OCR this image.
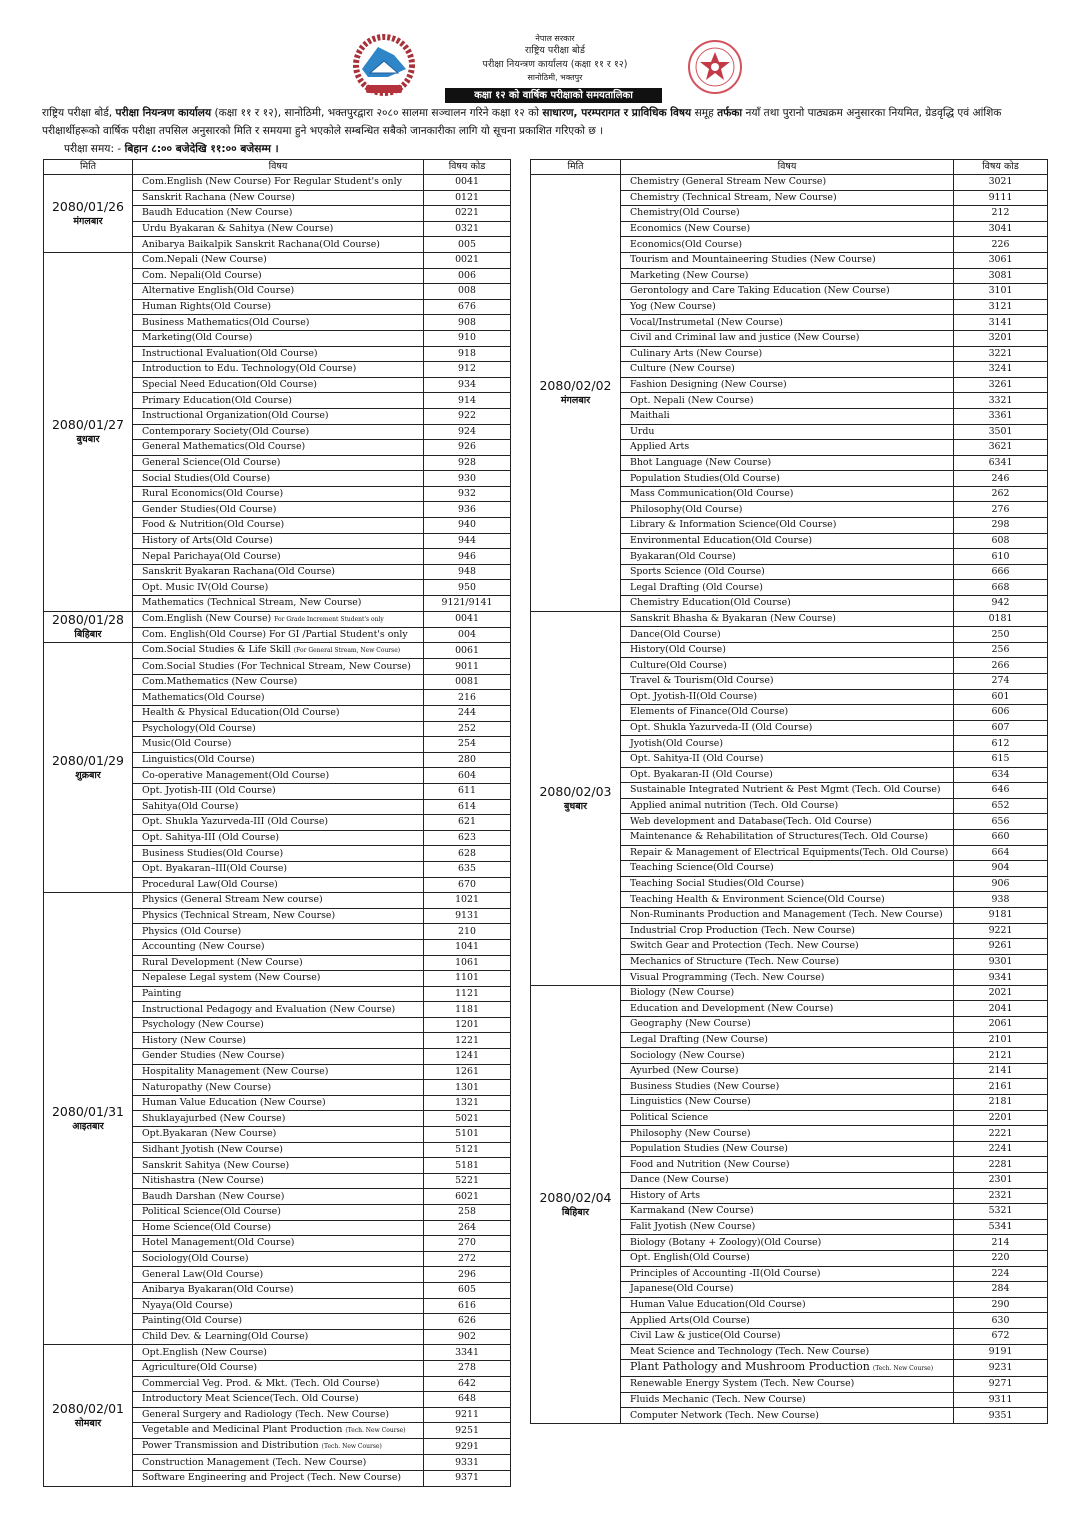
नेपाल सरकार
राष्ट्रिय परीक्षा बोर्ड
परीक्षा नियन्त्रण कार्यालय (कक्षा ११ र १२)
सानोठिमी, भक्तपुर
कक्षा १२ को वार्षिक परीक्षाको समयतालिका
राष्ट्रिय परीक्षा बोर्ड, परीक्षा नियन्त्रण कार्यालय (कक्षा ११ र १२), सानोठिमी, भक्तपुरद्वारा २०८० सालमा सञ्चालन गरिने कक्षा १२ को साधारण, परम्परागत र प्राविधिक विषय समूह तर्फका नयाँ तथा पुरानो पाठ्यक्रम अनुसारका नियमित, ग्रेडवृद्धि एवं आंशिक परीक्षार्थीहरूको वार्षिक परीक्षा तपसिल अनुसारको मिति र समयमा हुने भएकोले सम्बन्धित सबैको जानकारीका लागि यो सूचना प्रकाशित गरिएको छ ।
परीक्षा समय: - बिहान ८:०० बजेदेखि ११:०० बजेसम्म ।
मिति	विषय	विषय कोड

2080/01/26
मंगलबार	Com.English (New Course) For Regular Student's only	0041
	Sanskrit Rachana (New Course)	0121
	Baudh Education (New Course)	0221
	Urdu Byakaran & Sahitya (New Course)	0321
	Anibarya Baikalpik Sanskrit Rachana(Old Course)	005

2080/01/27
बुधबार	Com.Nepali (New Course)	0021
	Com. Nepali(Old Course)	006
	Alternative English(Old Course)	008
	Human Rights(Old Course)	676
	Business Mathematics(Old Course)	908
	Marketing(Old Course)	910
	Instructional Evaluation(Old Course)	918
	Introduction to Edu. Technology(Old Course)	912
	Special Need Education(Old Course)	934
	Primary Education(Old Course)	914
	Instructional Organization(Old Course)	922
	Contemporary Society(Old Course)	924
	General Mathematics(Old Course)	926
	General Science(Old Course)	928
	Social Studies(Old Course)	930
	Rural Economics(Old Course)	932
	Gender Studies(Old Course)	936
	Food & Nutrition(Old Course)	940
	History of Arts(Old Course)	944
	Nepal Parichaya(Old Course)	946
	Sanskrit Byakaran Rachana(Old Course)	948
	Opt. Music IV(Old Course)	950
	Mathematics (Technical Stream, New Course)	9121/9141

2080/01/28
बिहिबार	Com.English (New Course) For Grade Increment Student's only	0041
	Com. English(Old Course) For GI /Partial Student's only	004

2080/01/29
शुक्रबार	Com.Social Studies & Life Skill (For General Stream, New Course)	0061
	Com.Social Studies (For Technical Stream, New Course)	9011
	Com.Mathematics (New Course)	0081
	Mathematics(Old Course)	216
	Health & Physical Education(Old Course)	244
	Psychology(Old Course)	252
	Music(Old Course)	254
	Linguistics(Old Course)	280
	Co-operative Management(Old Course)	604
	Opt. Jyotish-III (Old Course)	611
	Sahitya(Old Course)	614
	Opt. Shukla Yazurveda-III (Old Course)	621
	Opt. Sahitya-III (Old Course)	623
	Business Studies(Old Course)	628
	Opt. Byakaran–III(Old Course)	635
	Procedural Law(Old Course)	670

2080/01/31
आइतबार	Physics (General Stream New course)	1021
	Physics (Technical Stream, New Course)	9131
	Physics (Old Course)	210
	Accounting (New Course)	1041
	Rural Development (New Course)	1061
	Nepalese Legal system (New Course)	1101
	Painting	1121
	Instructional Pedagogy and Evaluation (New Course)	1181
	Psychology (New Course)	1201
	History (New Course)	1221
	Gender Studies (New Course)	1241
	Hospitality Management (New Course)	1261
	Naturopathy (New Course)	1301
	Human Value Education (New Course)	1321
	Shuklayajurbed (New Course)	5021
	Opt.Byakaran (New Course)	5101
	Sidhant Jyotish (New Course)	5121
	Sanskrit Sahitya (New Course)	5181
	Nitishastra (New Course)	5221
	Baudh Darshan (New Course)	6021
	Political Science(Old Course)	258
	Home Science(Old Course)	264
	Hotel Management(Old Course)	270
	Sociology(Old Course)	272
	General Law(Old Course)	296
	Anibarya Byakaran(Old Course)	605
	Nyaya(Old Course)	616
	Painting(Old Course)	626
	Child Dev. & Learning(Old Course)	902

2080/02/01
सोमबार	Opt.English (New Course)	3341
	Agriculture(Old Course)	278
	Commercial Veg. Prod. & Mkt. (Tech. Old Course)	642
	Introductory Meat Science(Tech. Old Course)	648
	General Surgery and Radiology (Tech. New Course)	9211
	Vegetable and Medicinal Plant Production (Tech. New Course)	9251
	Power Transmission and Distribution (Tech. New Course)	9291
	Construction Management (Tech. New Course)	9331
	Software Engineering and Project (Tech. New Course)	9371
मिति	विषय	विषय कोड

2080/02/02
मंगलबार	Chemistry (General Stream New Course)	3021
	Chemistry (Technical Stream, New Course)	9111
	Chemistry(Old Course)	212
	Economics (New Course)	3041
	Economics(Old Course)	226
	Tourism and Mountaineering Studies (New Course)	3061
	Marketing (New Course)	3081
	Gerontology and Care Taking Education (New Course)	3101
	Yog (New Course)	3121
	Vocal/Instrumetal (New Course)	3141
	Civil and Criminal law and justice (New Course)	3201
	Culinary Arts (New Course)	3221
	Culture (New Course)	3241
	Fashion Designing (New Course)	3261
	Opt. Nepali (New Course)	3321
	Maithali	3361
	Urdu	3501
	Applied Arts	3621
	Bhot Language (New Course)	6341
	Population Studies(Old Course)	246
	Mass Communication(Old Course)	262
	Philosophy(Old Course)	276
	Library & Information Science(Old Course)	298
	Environmental Education(Old Course)	608
	Byakaran(Old Course)	610
	Sports Science (Old Course)	666
	Legal Drafting (Old Course)	668
	Chemistry Education(Old Course)	942

2080/02/03
बुधबार	Sanskrit Bhasha & Byakaran (New Course)	0181
	Dance(Old Course)	250
	History(Old Course)	256
	Culture(Old Course)	266
	Travel & Tourism(Old Course)	274
	Opt. Jyotish-II(Old Course)	601
	Elements of Finance(Old Course)	606
	Opt. Shukla Yazurveda-II (Old Course)	607
	Jyotish(Old Course)	612
	Opt. Sahitya-II (Old Course)	615
	Opt. Byakaran-II (Old Course)	634
	Sustainable Integrated Nutrient & Pest Mgmt (Tech. Old Course)	646
	Applied animal nutrition (Tech. Old Course)	652
	Web development and Database(Tech. Old Course)	656
	Maintenance & Rehabilitation of Structures(Tech. Old Course)	660
	Repair & Management of Electrical Equipments(Tech. Old Course)	664
	Teaching Science(Old Course)	904
	Teaching Social Studies(Old Course)	906
	Teaching Health & Environment Science(Old Course)	938
	Non-Ruminants Production and Management (Tech. New Course)	9181
	Industrial Crop Production (Tech. New Course)	9221
	Switch Gear and Protection (Tech. New Course)	9261
	Mechanics of Structure (Tech. New Course)	9301
	Visual Programming (Tech. New Course)	9341

2080/02/04
बिहिबार	Biology (New Course)	2021
	Education and Development (New Course)	2041
	Geography (New Course)	2061
	Legal Drafting (New Course)	2101
	Sociology (New Course)	2121
	Ayurbed (New Course)	2141
	Business Studies (New Course)	2161
	Linguistics (New Course)	2181
	Political Science	2201
	Philosophy (New Course)	2221
	Population Studies (New Course)	2241
	Food and Nutrition (New Course)	2281
	Dance (New Course)	2301
	History of Arts	2321
	Karmakand (New Course)	5321
	Falit Jyotish (New Course)	5341
	Biology (Botany + Zoology)(Old Course)	214
	Opt. English(Old Course)	220
	Principles of Accounting -II(Old Course)	224
	Japanese(Old Course)	284
	Human Value Education(Old Course)	290
	Applied Arts(Old Course)	630
	Civil Law & justice(Old Course)	672
	Meat Science and Technology (Tech. New Course)	9191
	Plant Pathology and Mushroom Production (Tech. New Course)	9231
	Renewable Energy System (Tech. New Course)	9271
	Fluids Mechanic (Tech. New Course)	9311
	Computer Network (Tech. New Course)	9351
